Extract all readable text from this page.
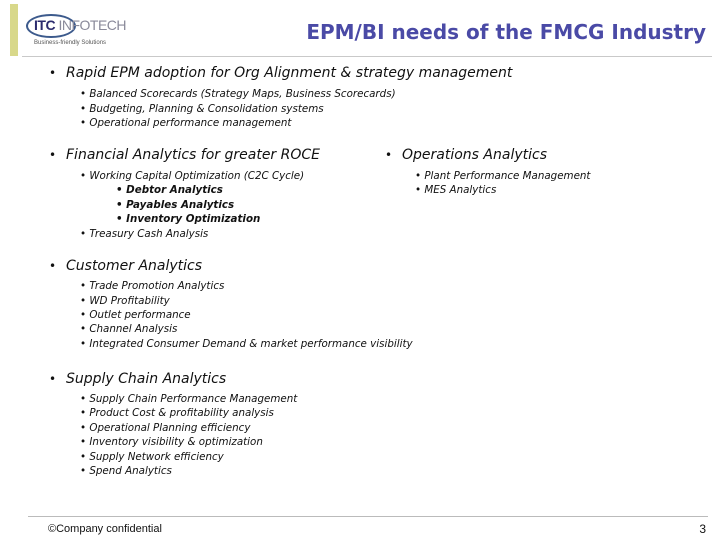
ITC INFOTECH
Business-friendly Solutions	EPM/BI needs of the FMCG Industry
• Rapid EPM adoption for Org Alignment & strategy management
• Balanced Scorecards (Strategy Maps, Business Scorecards)
• Budgeting, Planning & Consolidation systems
• Operational performance management
• Financial Analytics for greater ROCE
• Working Capital Optimization (C2C Cycle)
• Debtor Analytics
• Payables Analytics
• Inventory Optimization
• Treasury Cash Analysis
• Operations Analytics
• Plant Performance Management
• MES Analytics
• Customer Analytics
• Trade Promotion Analytics
• WD Profitability
• Outlet performance
• Channel Analysis
• Integrated Consumer Demand & market performance visibility
• Supply Chain Analytics
• Supply Chain Performance Management
• Product Cost & profitability analysis
• Operational Planning efficiency
• Inventory visibility & optimization
• Supply Network efficiency
• Spend Analytics
©Company confidential	3
